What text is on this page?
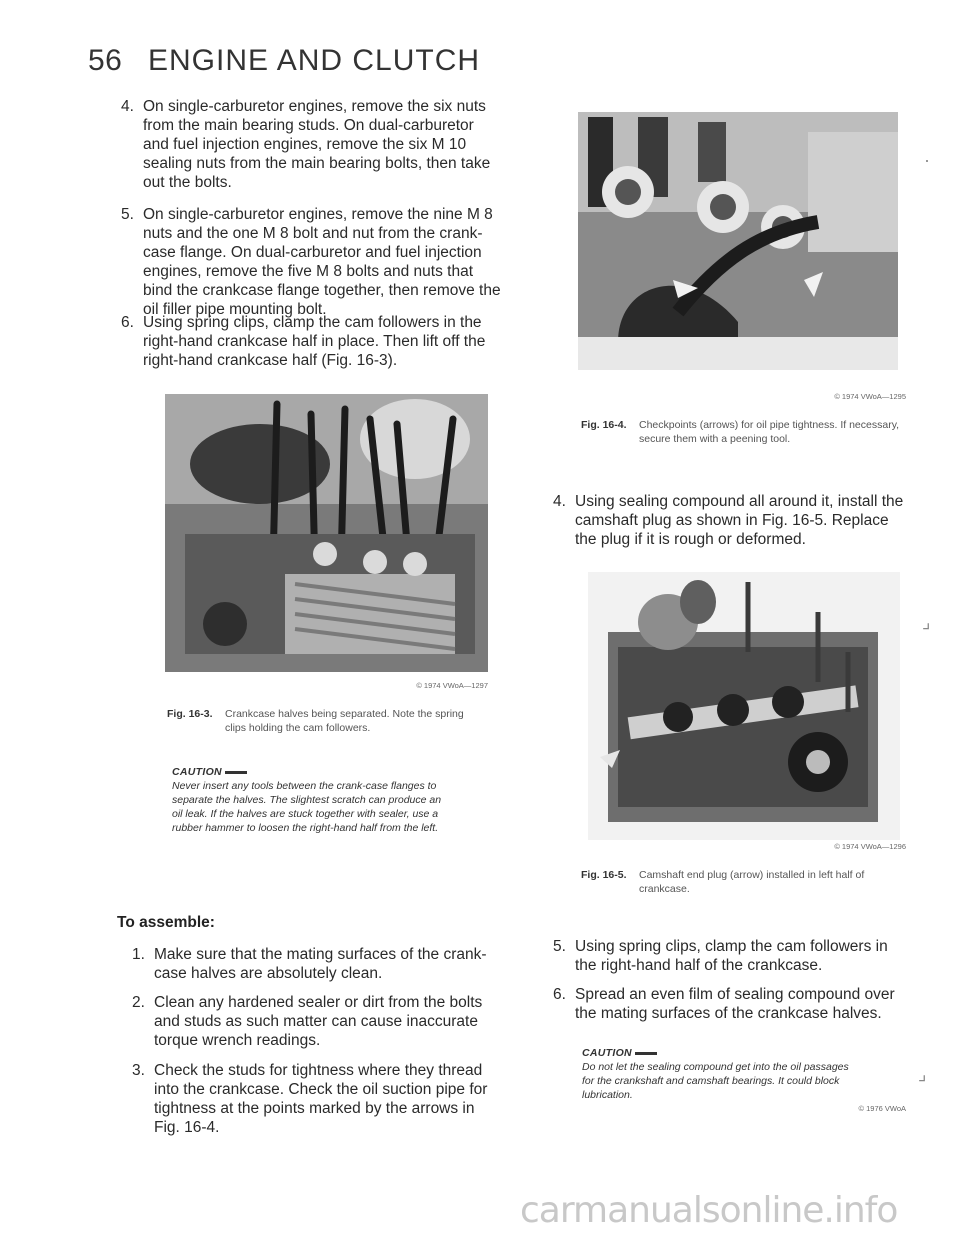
56 ENGINE AND CLUTCH
4. On single-carburetor engines, remove the six nuts from the main bearing studs. On dual-carburetor and fuel injection engines, remove the six M 10 sealing nuts from the main bearing bolts, then take out the bolts.
5. On single-carburetor engines, remove the nine M 8 nuts and the one M 8 bolt and nut from the crank-case flange. On dual-carburetor and fuel injection engines, remove the five M 8 bolts and nuts that bind the crankcase flange together, then remove the oil filler pipe mounting bolt.
6. Using spring clips, clamp the cam followers in the right-hand crankcase half in place. Then lift off the right-hand crankcase half (Fig. 16-3).
© 1974 VWoA—1297
Fig. 16-3.	Crankcase halves being separated. Note the spring clips holding the cam followers.
CAUTION
Never insert any tools between the crank-case flanges to separate the halves. The slightest scratch can produce an oil leak. If the halves are stuck together with sealer, use a rubber hammer to loosen the right-hand half from the left.
To assemble:
1. Make sure that the mating surfaces of the crank-case halves are absolutely clean.
2. Clean any hardened sealer or dirt from the bolts and studs as such matter can cause inaccurate torque wrench readings.
3. Check the studs for tightness where they thread into the crankcase. Check the oil suction pipe for tightness at the points marked by the arrows in Fig. 16-4.
© 1974 VWoA—1295
Fig. 16-4.	Checkpoints (arrows) for oil pipe tightness. If necessary, secure them with a peening tool.
4. Using sealing compound all around it, install the camshaft plug as shown in Fig. 16-5. Replace the plug if it is rough or deformed.
© 1974 VWoA—1296
Fig. 16-5.	Camshaft end plug (arrow) installed in left half of crankcase.
5. Using spring clips, clamp the cam followers in the right-hand half of the crankcase.
6. Spread an even film of sealing compound over the mating surfaces of the crankcase halves.
CAUTION
Do not let the sealing compound get into the oil passages for the crankshaft and camshaft bearings. It could block lubrication.
© 1976 VWoA
·
⌟
⌟
carmanualsonline.info
